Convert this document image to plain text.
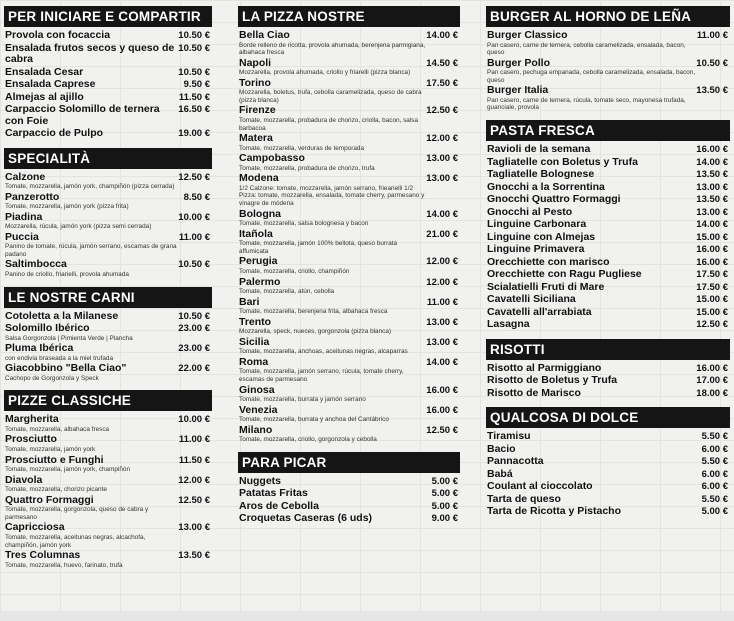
PER INICIARE E COMPARTIR
Provola con focaccia	10.50 €
Ensalada frutos secos y queso de cabra
10.50 €
Ensalada Cesar	10.50 €
Ensalada Caprese	9.50 €
Almejas al ajillo	11.50 €
Carpaccio Solomillo de ternera con Foie
16.50 €
Carpaccio de Pulpo	19.00 €
SPECIALITÀ
Calzone
Tomate, mozzarella, jamón york, champiñón (pizza cerrada)
12.50 €
Panzerotto
Tomate, mozzarella, jamón york (pizza frita)
8.50 €
Piadina
Mozzarella, rúcula, jamón york (pizza semi cerrada)
10.00 €
Puccia
Panino de tomate, rúcula, jamón serrano, escamas de grana padano
11.00 €
Saltimbocca
Panino de criollo, friarielli, provola ahumada
10.50 €
LE NOSTRE CARNI
Cotoletta a la Milanese	10.50 €
Solomillo Ibérico
Salsa Gorgonzola | Pimienta Verde | Plancha
23.00 €
Pluma Ibérica
con endivia braseada a la miel trufada
23.00 €
Giacobbino "Bella Ciao"
Cachopo de Gorgonzola y Speck
22.00 €
PIZZE CLASSICHE
Margherita
Tomate, mozzarella, albahaca fresca
10.00 €
Prosciutto
Tomate, mozzarella, jamón york
11.00 €
Prosciutto e Funghi
Tomate, mozzarella, jamón york, champiñón
11.50 €
Diavola
Tomate, mozzarella, chorizo picante
12.00 €
Quattro Formaggi
Tomate, mozzarella, gorgonzola, queso de cabra y parmesano
12.50 €
Capricciosa
Tomate, mozzarella, aceitunas negras, alcachofa, champiñón, jamón york
13.00 €
Tres Columnas
Tomate, mozzarella, huevo, farinato, trufa
13.50 €
LA PIZZA NOSTRE
Bella Ciao
Borde relleno de ricotta, provola ahumada, berenjena parmigiana, albahaca fresca
14.00 €
Napoli
Mozzarella, provola ahumada, criollo y friarelli (pizza blanca)
14.50 €
Torino
Mozzarella, boletus, trufa, cebolla caramelizada, queso de cabra (pizza blanca)
17.50 €
Firenze
Tomate, mozzarella, probadura de chorizo, criolla, bacon, salsa barbacoa
12.50 €
Matera
Tomate, mozzarella, verduras de temporada
12.00 €
Campobasso
Tomate, mozzarella, probadura de chorizo, trufa
13.00 €
Modena
1/2 Calzone: tomate, mozzarella, jamón serrano, friearielli 1/2 Pizza: tomate, mozzarella, ensalada, tomate cherry, parmesano y vinagre de módena
13.00 €
Bologna
Tomate, mozzarella, salsa bolognesa y bacon
14.00 €
Itañola
Tomate, mozzarella, jamón 100% bellota, queso burrata affumicata
21.00 €
Perugia
Tomate, mozzarella, criollo, champiñón
12.00 €
Palermo
Tomate, mozzarella, atún, cebolla
12.00 €
Bari
Tomate, mozzarella, berenjena frita, albahaca fresca
11.00 €
Trento
Mozzarella, speck, nueces, gorgonzola (pizza blanca)
13.00 €
Sicilia
Tomate, mozzarella, anchoas, aceitunas negras, alcaparras
13.00 €
Roma
Tomate, mozzarella, jamón serrano, rúcula, tomate cherry, escamas de parmesano
14.00 €
Ginosa
Tomate, mozzarella, burrata y jamón serrano
16.00 €
Venezia
Tomate, mozzarella, burrata y anchoa del Cantábrico
16.00 €
Milano
Tomate, mozzarella, criollo, gorgonzola y cebolla
12.50 €
PARA PICAR
Nuggets	5.00 €
Patatas Fritas	5.00 €
Aros de Cebolla	5.00 €
Croquetas Caseras (6 uds)	9.00 €
BURGER AL HORNO DE LEÑA
Burger Classico
Pan casero, carne de ternera, cebolla caramelizada, ensalada, bacon, queso
11.00 €
Burger Pollo
Pan casero, pechuga empanada, cebolla caramelizada, ensalada, bacon, queso
10.50 €
Burger Italia
Pan casero, carne de ternera, rúcula, tomate seco, mayonesa trufada, guanciale, provola
13.50 €
PASTA FRESCA
Ravioli de la semana	16.00 €
Tagliatelle con Boletus y Trufa	14.00 €
Tagliatelle Bolognese	13.50 €
Gnocchi a la Sorrentina	13.00 €
Gnocchi Quattro Formaggi	13.50 €
Gnocchi al Pesto	13.00 €
Linguine Carbonara	14.00 €
Linguine con Almejas	15.00 €
Linguine Primavera	16.00 €
Orecchiette con marisco	16.00 €
Orecchiette con Ragu Pugliese	17.50 €
Scialatielli Fruti di Mare	17.50 €
Cavatelli Siciliana	15.00 €
Cavatelli all'arrabiata	15.00 €
Lasagna	12.50 €
RISOTTI
Risotto al Parmiggiano	16.00 €
Risotto de Boletus y Trufa	17.00 €
Risotto de Marisco	18.00 €
QUALCOSA DI DOLCE
Tiramisu	5.50 €
Bacio	6.00 €
Pannacotta	5.50 €
Babá	6.00 €
Coulant al cioccolato	6.00 €
Tarta de queso	5.50 €
Tarta de Ricotta y Pistacho	5.00 €
